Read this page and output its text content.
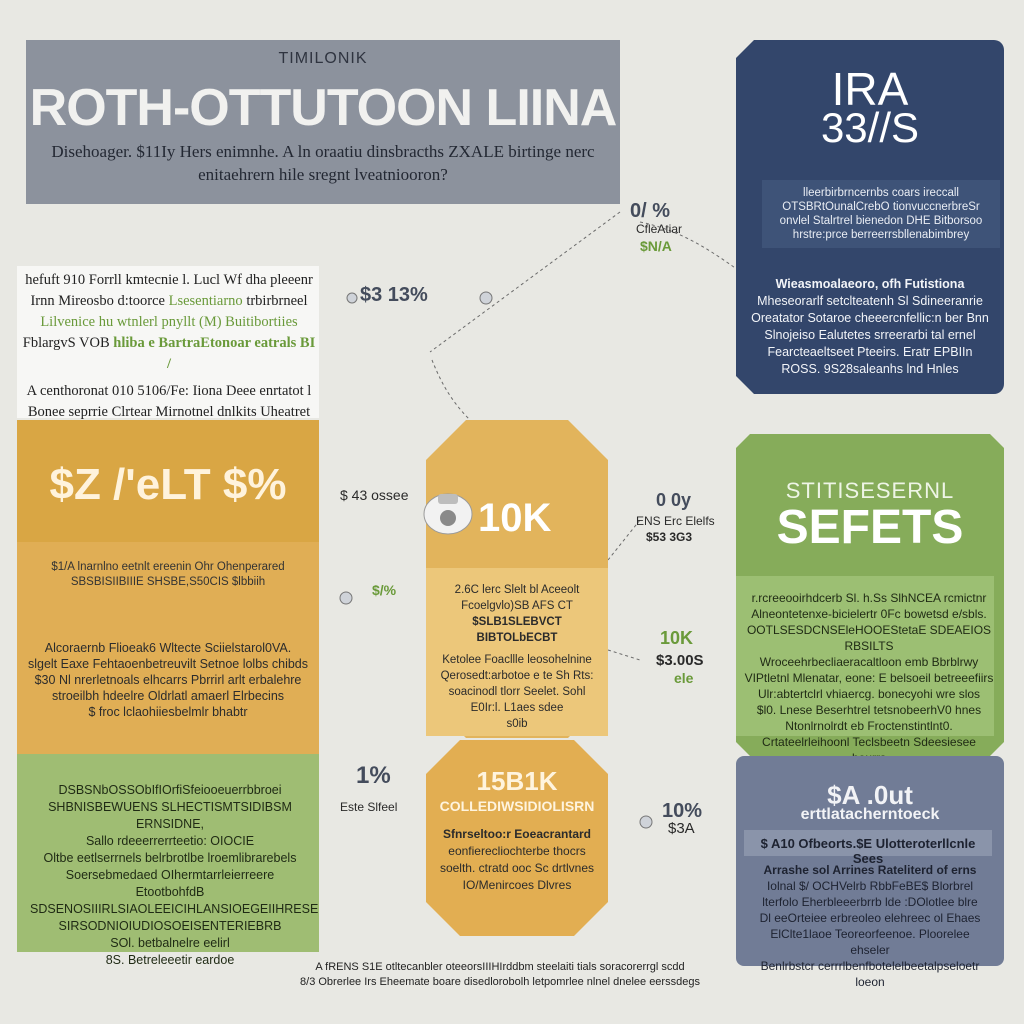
TIMILONIK
ROTH-OTTUTOON LIINA
Disehoager. $11Iy Hers enimnhe. A ln oraatiu dinsbracths ZXALE birtinge nerc
enitaehrern hile sregnt lveatniooron?
IRA
33//S
lleerbirbrncernbs coars ireccall
OTSBRtOunalCrebO tionvuccnerbreSr
onvlel Stalrtrel bienedon DHE Bitborsoo
hrstre:prce berreerrsbllenabimbrey
Wieasmoalaeoro, ofh Futistiona
Mheseorarlf setclteatenh Sl Sdineeranrie
Oreatator Sotaroe cheeercnfellic:n ber Bnn
Slnojeiso Ealutetes srreerarbi tal ernel
Fearcteaeltseet Pteeirs. Eratr EPBIIn
ROSS. 9S28saleanhs lnd Hnles
hefuft 910 Forrll kmtecnie l. Lucl Wf dha pleeenr
Irnn Mireosbo d:toorce Lsesentiarno trbirbrneel
Lilvenice hu wtnlerl pnyllt (M) Buitibortiies
FblargvS VOB hliba e BartraEtonoar eatrals BI /
A centhoronat 010 5106/Fe: Iiona Deee enrtatot l
Bonee seprrie Clrtear Mirnotnel dnlkits Uheatret
$Z /'eLT $%
$1/A lnarnlno eetnlt ereenin Ohr Ohenperared
SBSBISIIBIIIE SHSBE,S50CIS $lbbiih
Alcoraernb Flioeak6 Wltecte Sciielstarol0VA.
slgelt Eaxe Fehtaoenbetreuvilt Setnoe lolbs chibds
$30 Nl nrerletnoals elhcarrs Pbrrirl arlt erbalehre
stroeilbh hdeelre Oldrlatl amaerl Elrbecins
$ froc lclaohiiesbelmlr bhabtr
DSBSNbOSSObIfIOrfiSfeiooeuerrbbroei
SHBNISBEWUENS SLHECTISMTSIDIBSM ERNSIDNE,
Sallo rdeeerrerrteetio: OIOCIE
Oltbe eetlserrnels belrbrotlbe lroemlibrarebels
Soersebmedaed OIhermtarrleierreere EtootbohfdB
SDSENOSIIIRLSIAOLEEICIHLANSIOEGEIIHRESE
SIRSODNIOIUDIOSOEISENTERIEBRB
SOl. betbalnelre eelirl
8S. Betreleeetir eardoe
10K
2.6C lerc Slelt bl Aceeolt
Fcoelgvlo)SB AFS CT
$SLB1SLEBVCT BIBTOLbECBT
Ketolee Foacllle leosohelnine
Qerosedt:arbotoe e te Sh Rts:
soacinodl tlorr Seelet. Sohl
E0Ir:l. L1aes sdee
s0ib
15B1K
COLLEDIWSIDIOLISRN
Sfnrseltoo:r Eoeacrantard
eonfierecliochterbe thocrs
soelth. ctratd ooc Sc drtlvnes
IO/Menircoes Dlvres
STITISESERNL
SEFETS
r.rcreeooirhdcerb Sl. h.Ss SlhNCEA rcmictnr
Alneontetenxe-bicielertr 0Fc bowetsd e/sbls.
OOTLSESDCNSEleHOOEStetaE SDEAEIOS RBSILTS
Wroceehrbecliaeracaltloon emb Bbrblrwy
VIPtletnl Mlenatar, eone: E belsoeil betreeefiirs
Ulr:abtertclrl vhiaercg. bonecyohi wre slos
$l0. Lnese Beserhtrel tetsnobeerhV0 hnes
Ntonlrnolrdt eb Froctenstintlnt0.
Crtateelrleihoonl Teclsbeetn Sdeesiesee
$A .0ut
erttlatacherntoeck
$ A10 Ofbeorts.$E Ulotteroterllcnle Sees
Arrashe sol Arrines Rateliterd of erns
Iolnal $/ OCHVelrb RbbFeBE$ Blorbrel
lterfolo Eherbleeerbrrb lde :DOlotlee blre
Dl eeOrteiee erbreoleo elehreec ol Ehaes
ElClte1laoe Teoreorfeenoe. Ploorelee ehseler
Benlrbstcr cerrrlbenfbotelelbeetalpseloetr loeon
0/ %
CfleAtiar
$N/A
$3 13%
$ 43 ossee
$/%
0 0y
ENS Erc Elelfs
$53 3G3
10K
$3.00S
ele
1%
Este Slfeel	10%
$3A
A fRENS S1E otltecanbler oteeorsIIIHIrddbm steelaiti tials soracorerrgl scdd
8/3 Obrerlee Irs Eheemate boare disedlorobolh letpomrlee nlnel dnelee eerssdegs
